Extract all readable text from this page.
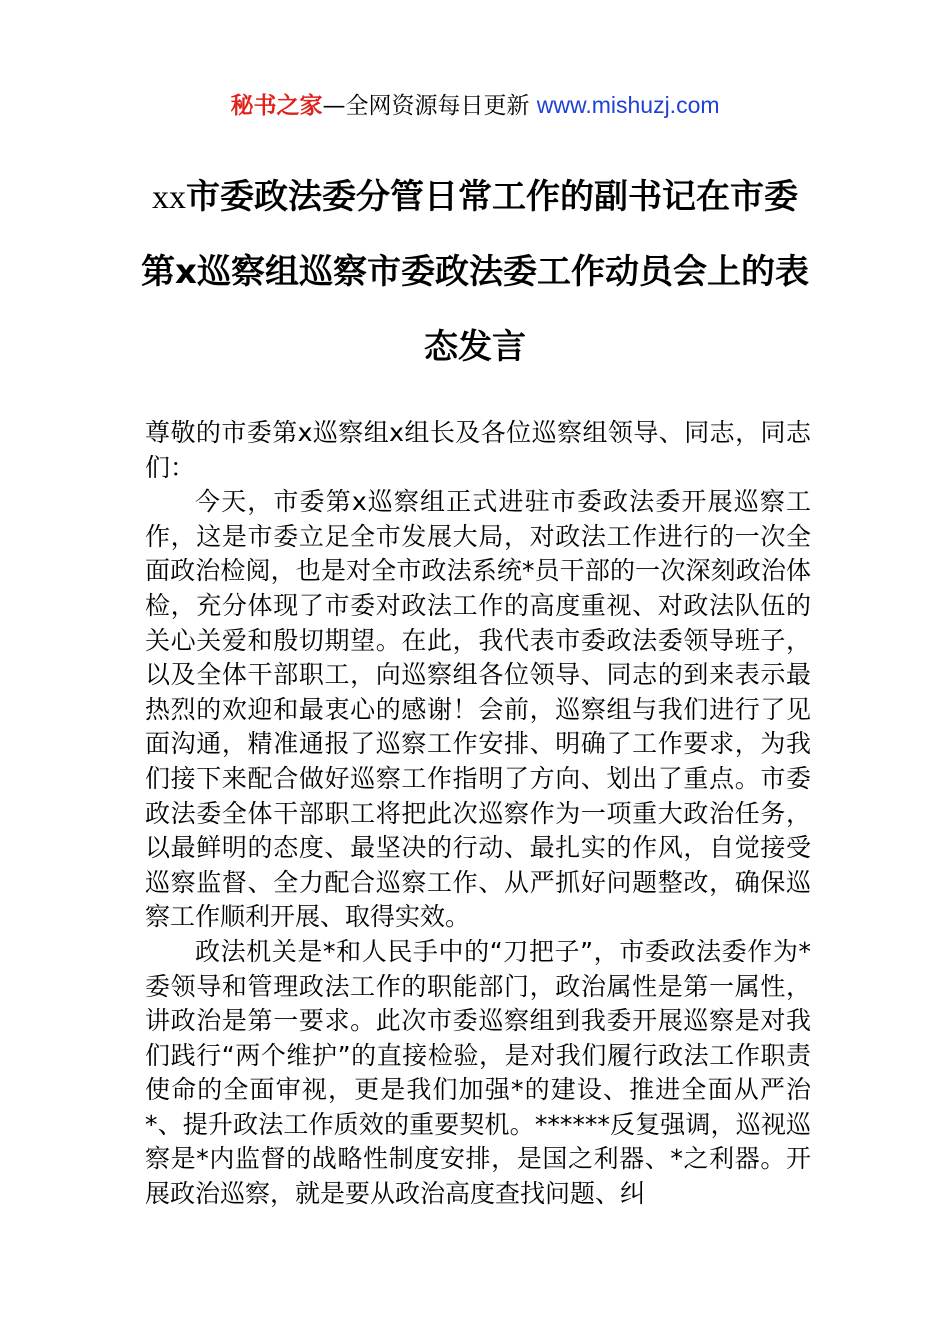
秘书之家—全网资源每日更新 www.mishuzj.com
xx市委政法委分管日常工作的副书记在市委第x巡察组巡察市委政法委工作动员会上的表态发言

尊敬的市委第x巡察组x组长及各位巡察组领导、同志，同志们：

今天，市委第x巡察组正式进驻市委政法委开展巡察工作，这是市委立足全市发展大局，对政法工作进行的一次全面政治检阅，也是对全市政法系统*员干部的一次深刻政治体检，充分体现了市委对政法工作的高度重视、对政法队伍的关心关爱和殷切期望。在此，我代表市委政法委领导班子，以及全体干部职工，向巡察组各位领导、同志的到来表示最热烈的欢迎和最衷心的感谢！会前，巡察组与我们进行了见面沟通，精准通报了巡察工作安排、明确了工作要求，为我们接下来配合做好巡察工作指明了方向、划出了重点。市委政法委全体干部职工将把此次巡察作为一项重大政治任务，以最鲜明的态度、最坚决的行动、最扎实的作风，自觉接受巡察监督、全力配合巡察工作、从严抓好问题整改，确保巡察工作顺利开展、取得实效。

政法机关是*和人民手中的“刀把子”，市委政法委作为*委领导和管理政法工作的职能部门，政治属性是第一属性，讲政治是第一要求。此次市委巡察组到我委开展巡察是对我们践行“两个维护”的直接检验，是对我们履行政法工作职责使命的全面审视，更是我们加强*的建设、推进全面从严治*、提升政法工作质效的重要契机。******反复强调，巡视巡察是*内监督的战略性制度安排，是国之利器、*之利器。开展政治巡察，就是要从政治高度查找问题、纠
